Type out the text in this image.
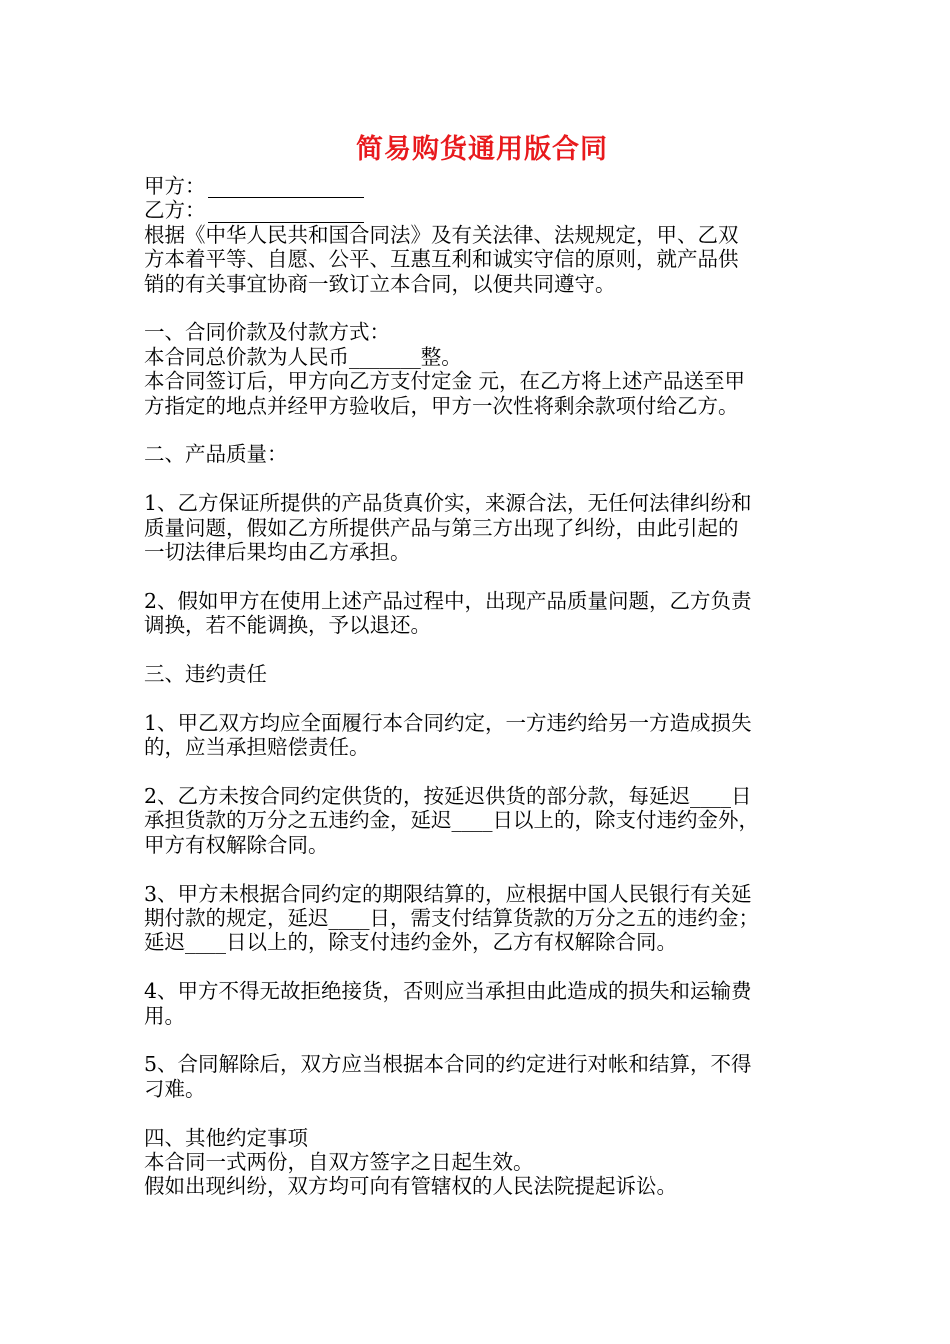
简易购货通用版合同
甲方：
乙方：

根据《中华人民共和国合同法》及有关法律、法规规定，甲、乙双

方本着平等、自愿、公平、互惠互利和诚实守信的原则，就产品供

销的有关事宜协商一致订立本合同，以便共同遵守。

一、合同价款及付款方式：

本合同总价款为人民币_______整。

本合同签订后，甲方向乙方支付定金 元，在乙方将上述产品送至甲

方指定的地点并经甲方验收后，甲方一次性将剩余款项付给乙方。

二、产品质量：

1、乙方保证所提供的产品货真价实，来源合法，无任何法律纠纷和

质量问题，假如乙方所提供产品与第三方出现了纠纷，由此引起的

一切法律后果均由乙方承担。

2、假如甲方在使用上述产品过程中，出现产品质量问题，乙方负责

调换，若不能调换，予以退还。

三、违约责任

1、甲乙双方均应全面履行本合同约定，一方违约给另一方造成损失

的，应当承担赔偿责任。

2、乙方未按合同约定供货的，按延迟供货的部分款，每延迟____日

承担货款的万分之五违约金，延迟____日以上的，除支付违约金外，

甲方有权解除合同。

3、甲方未根据合同约定的期限结算的，应根据中国人民银行有关延

期付款的规定，延迟____日，需支付结算货款的万分之五的违约金；

延迟____日以上的，除支付违约金外，乙方有权解除合同。

4、甲方不得无故拒绝接货，否则应当承担由此造成的损失和运输费

用。

5、合同解除后，双方应当根据本合同的约定进行对帐和结算，不得

刁难。

四、其他约定事项

本合同一式两份，自双方签字之日起生效。

假如出现纠纷，双方均可向有管辖权的人民法院提起诉讼。
